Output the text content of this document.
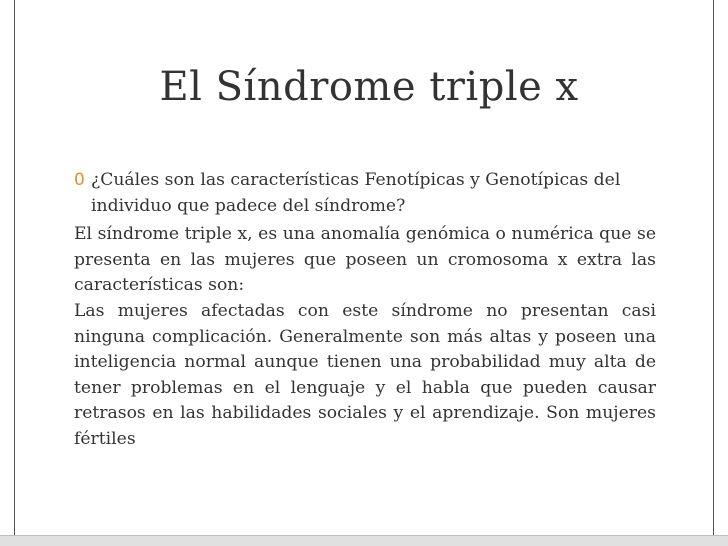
El Síndrome triple x
0 ¿Cuáles son las características Fenotípicas y Genotípicas del individuo que padece del síndrome?
El síndrome triple x, es una anomalía genómica o numérica que se presenta en las mujeres que poseen un cromosoma x extra las características son:
Las mujeres afectadas con este síndrome no presentan casi ninguna complicación. Generalmente son más altas y poseen una inteligencia normal aunque tienen una probabilidad muy alta de tener problemas en el lenguaje y el habla que pueden causar retrasos en las habilidades sociales y el aprendizaje. Son mujeres fértiles
